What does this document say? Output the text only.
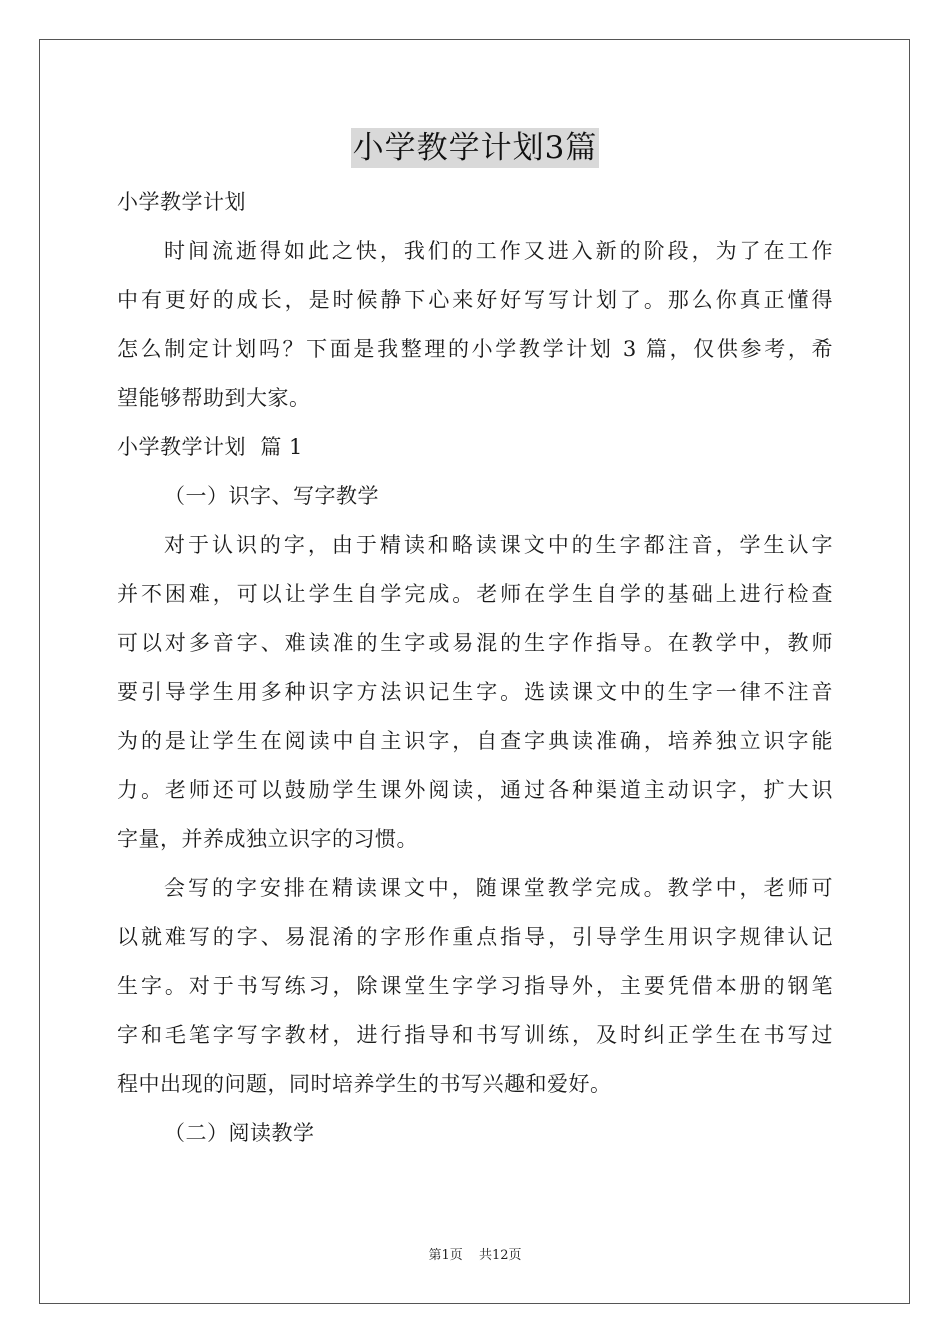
小学教学计划3篇

小学教学计划

时间流逝得如此之快，我们的工作又进入新的阶段，为了在工作

中有更好的成长，是时候静下心来好好写写计划了。那么你真正懂得

怎么制定计划吗？下面是我整理的小学教学计划 3 篇，仅供参考，希

望能够帮助到大家。

小学教学计划  篇 1

（一）识字、写字教学

对于认识的字，由于精读和略读课文中的生字都注音，学生认字

并不困难，可以让学生自学完成。老师在学生自学的基础上进行检查

可以对多音字、难读准的生字或易混的生字作指导。在教学中，教师

要引导学生用多种识字方法识记生字。选读课文中的生字一律不注音

为的是让学生在阅读中自主识字，自查字典读准确，培养独立识字能

力。老师还可以鼓励学生课外阅读，通过各种渠道主动识字，扩大识

字量，并养成独立识字的习惯。

会写的字安排在精读课文中，随课堂教学完成。教学中，老师可

以就难写的字、易混淆的字形作重点指导，引导学生用识字规律认记

生字。对于书写练习，除课堂生字学习指导外，主要凭借本册的钢笔

字和毛笔字写字教材，进行指导和书写训练，及时纠正学生在书写过

程中出现的问题，同时培养学生的书写兴趣和爱好。

（二）阅读教学

第1页 共12页
